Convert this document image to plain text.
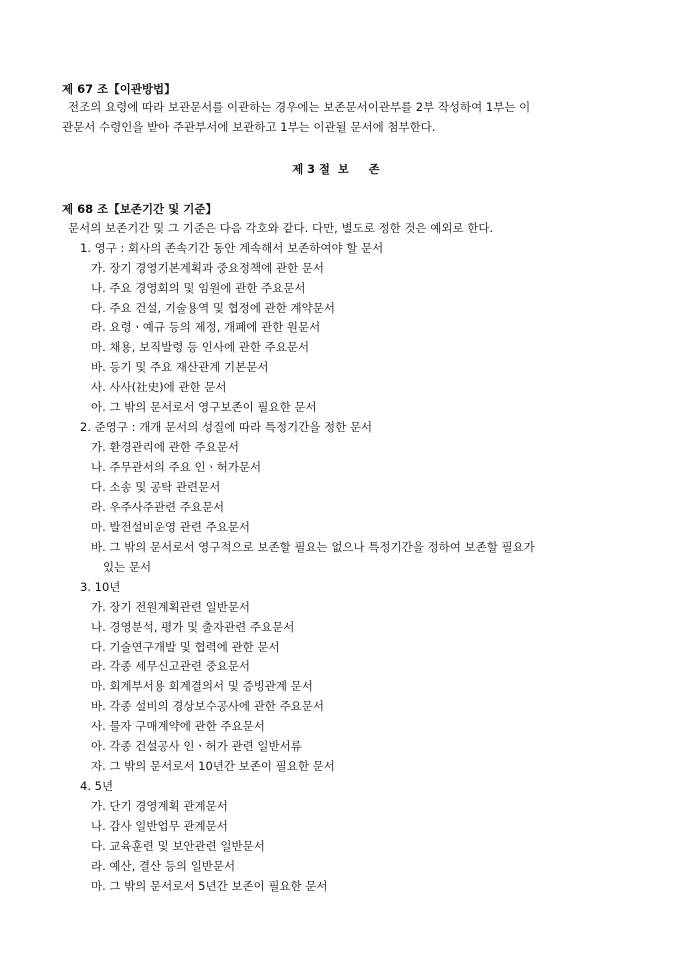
제 67 조【이관방법】
전조의 요령에 따라 보관문서를 이관하는 경우에는 보존문서이관부를 2부 작성하여 1부는 이
관문서 수령인을 받아 주관부서에 보관하고 1부는 이관될 문서에 첨부한다.
제 3 절  보     존
제 68 조【보존기간 및 기준】
문서의 보존기간 및 그 기준은 다음 각호와 같다. 다만, 별도로 정한 것은 예외로 한다.
1. 영구 : 회사의 존속기간 동안 계속해서 보존하여야 할 문서
가. 장기 경영기본계획과 중요정책에 관한 문서
나. 주요 경영회의 및 임원에 관한 주요문서
다. 주요 건설, 기술용역 및 협정에 관한 계약문서
라. 요령ㆍ예규 등의 제정, 개폐에 관한 원문서
마. 채용, 보직발령 등 인사에 관한 주요문서
바. 등기 및 주요 재산관계 기본문서
사. 사사(社史)에 관한 문서
아. 그 밖의 문서로서 영구보존이 필요한 문서
2. 준영구 : 개개 문서의 성질에 따라 특정기간을 정한 문서
가. 환경관리에 관한 주요문서
나. 주무관서의 주요 인ㆍ허가문서
다. 소송 및 공탁 관련문서
라. 우주사주관련 주요문서
마. 발전설비운영 관련 주요문서
바. 그 밖의 문서로서 영구적으로 보존할 필요는 없으나 특정기간을 정하여 보존할 필요가
있는 문서
3. 10년
가. 장기 전원계획관련 일반문서
나. 경영분석, 평가 및 출자관련 주요문서
다. 기술연구개발 및 협력에 관한 문서
라. 각종 세무신고관련 중요문서
마. 회계부서용 회계결의서 및 증빙관계 문서
바. 각종 설비의 경상보수공사에 관한 주요문서
사. 물자 구매계약에 관한 주요문서
아. 각종 건설공사 인ㆍ허가 관련 일반서류
자. 그 밖의 문서로서 10년간 보존이 필요한 문서
4. 5년
가. 단기 경영계획 관계문서
나. 감사 일반업무 관계문서
다. 교육훈련 및 보안관련 일반문서
라. 예산, 결산 등의 일반문서
마. 그 밖의 문서로서 5년간 보존이 필요한 문서
